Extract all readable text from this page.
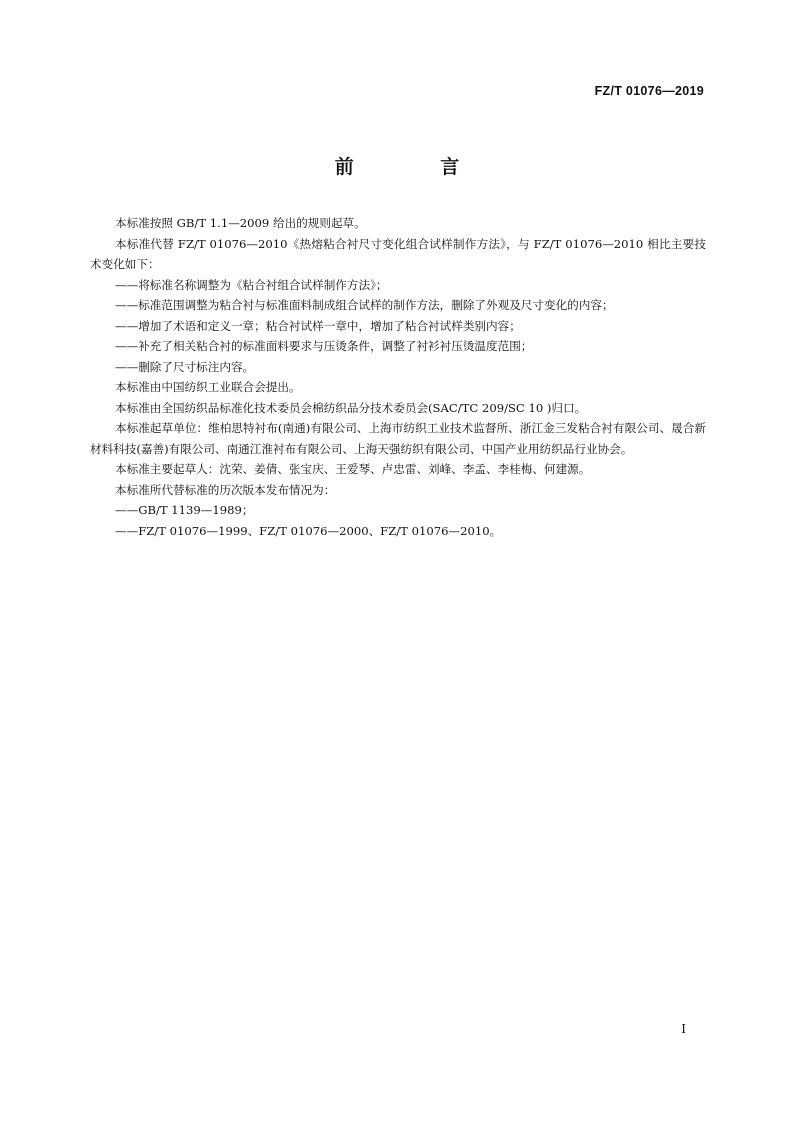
FZ/T 01076—2019
前 言

本标准按照 GB/T 1.1—2009 给出的规则起草。

本标准代替 FZ/T 01076—2010《热熔粘合衬尺寸变化组合试样制作方法》，与 FZ/T 01076—2010 相比主要技术变化如下：

——将标准名称调整为《粘合衬组合试样制作方法》；

——标准范围调整为粘合衬与标准面料制成组合试样的制作方法，删除了外观及尺寸变化的内容；

——增加了术语和定义一章；粘合衬试样一章中，增加了粘合衬试样类别内容；

——补充了相关粘合衬的标准面料要求与压烫条件，调整了衬衫衬压烫温度范围；

——删除了尺寸标注内容。

本标准由中国纺织工业联合会提出。

本标准由全国纺织品标准化技术委员会棉纺织品分技术委员会(SAC/TC 209/SC 10 )归口。

本标准起草单位：维柏思特衬布(南通)有限公司、上海市纺织工业技术监督所、浙江金三发粘合衬有限公司、晟合新材料科技(嘉善)有限公司、南通江淮衬布有限公司、上海天强纺织有限公司、中国产业用纺织品行业协会。

本标准主要起草人：沈荣、姜倩、张宝庆、王爱琴、卢忠雷、刘峰、李孟、李桂梅、何建源。

本标准所代替标准的历次版本发布情况为：

——GB/T 1139—1989；

——FZ/T 01076—1999、FZ/T 01076—2000、FZ/T 01076—2010。

I
